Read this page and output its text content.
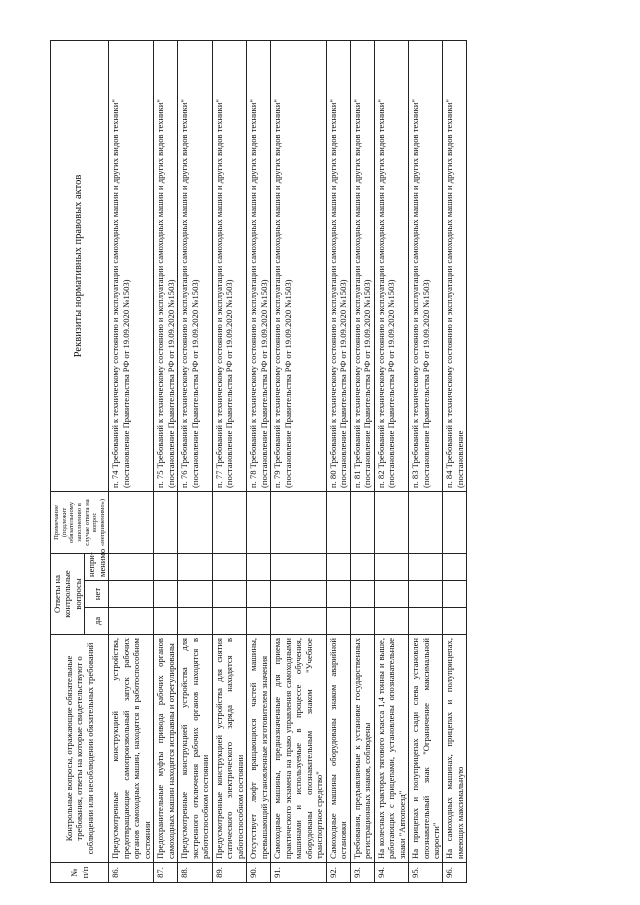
№ п/п	Контрольные вопросы, отражающие обязательные требования, ответы на которые свидетельствуют о соблюдении или несоблюдении обязательных требований	Ответы на контрольные вопросы			Примечание (подлежит обязательному заполнению в случае ответа на вопрос «неприменимо»)	Реквизиты нормативных правовых актов
		да	нет	непри-менимо		
86.	Предусмотренные конструкцией устройства, предотвращающие самопроизвольный запуск рабочих органов самоходных машин, находятся в работоспособном состоянии					п. 74 Требований к техническому состоянию и эксплуатации самоходных машин и других видов техники" (постановление Правительства РФ от 19.09.2020 №1503)
87.	Предохранительные муфты привода рабочих органов самоходных машин находятся исправны и отрегулированы					п. 75 Требований к техническому состоянию и эксплуатации самоходных машин и других видов техники" (постановление Правительства РФ от 19.09.2020 №1503)
88.	Предусмотренные конструкцией устройства для экстренного отключения рабочих органов находятся в работоспособном состоянии					п. 76 Требований к техническому состоянию и эксплуатации самоходных машин и других видов техники" (постановление Правительства РФ от 19.09.2020 №1503)
89.	Предусмотренные конструкцией устройства для снятия статического электрического заряда находятся в работоспособном состоянии					п. 77 Требований к техническому состоянию и эксплуатации самоходных машин и других видов техники" (постановление Правительства РФ от 19.09.2020 №1503)
90.	Отсутствует люфт вращающихся частей машины, превышающий установленные изготовителем значения					п. 78 Требований к техническому состоянию и эксплуатации самоходных машин и других видов техники" (постановление Правительства РФ от 19.09.2020 №1503)
91.	Самоходные машины, предназначенные для приема практического экзамена на право управления самоходными машинами и используемые в процессе обучения, оборудованы опознавательным знаком "Учебное транспортное средство"					п. 79 Требований к техническому состоянию и эксплуатации самоходных машин и других видов техники" (постановление Правительства РФ от 19.09.2020 №1503)
92.	Самоходные машины оборудованы знаком аварийной остановки					п. 80 Требований к техническому состоянию и эксплуатации самоходных машин и других видов техники" (постановление Правительства РФ от 19.09.2020 №1503)
93.	Требования, предъявляемые к установке государственных регистрационных знаков, соблюдены					п. 81 Требований к техническому состоянию и эксплуатации самоходных машин и других видов техники" (постановление Правительства РФ от 19.09.2020 №1503)
94.	На колесных тракторах тягового класса 1,4 тонны и выше, работающих с прицепами, установлены опознавательные знаки "Автопоезд"					п. 82 Требований к техническому состоянию и эксплуатации самоходных машин и других видов техники" (постановление Правительства РФ от 19.09.2020 №1503)
95.	На прицепах и полуприцепах сзади слева установлен опознавательный знак "Ограничение максимальной скорости"					п. 83 Требований к техническому состоянию и эксплуатации самоходных машин и других видов техники" (постановление Правительства РФ от 19.09.2020 №1503)
96.	На самоходных машинах, прицепах и полуприцепах, имеющих максимальную					п. 84 Требований к техническому состоянию и эксплуатации самоходных машин и других видов техники" (постановление
